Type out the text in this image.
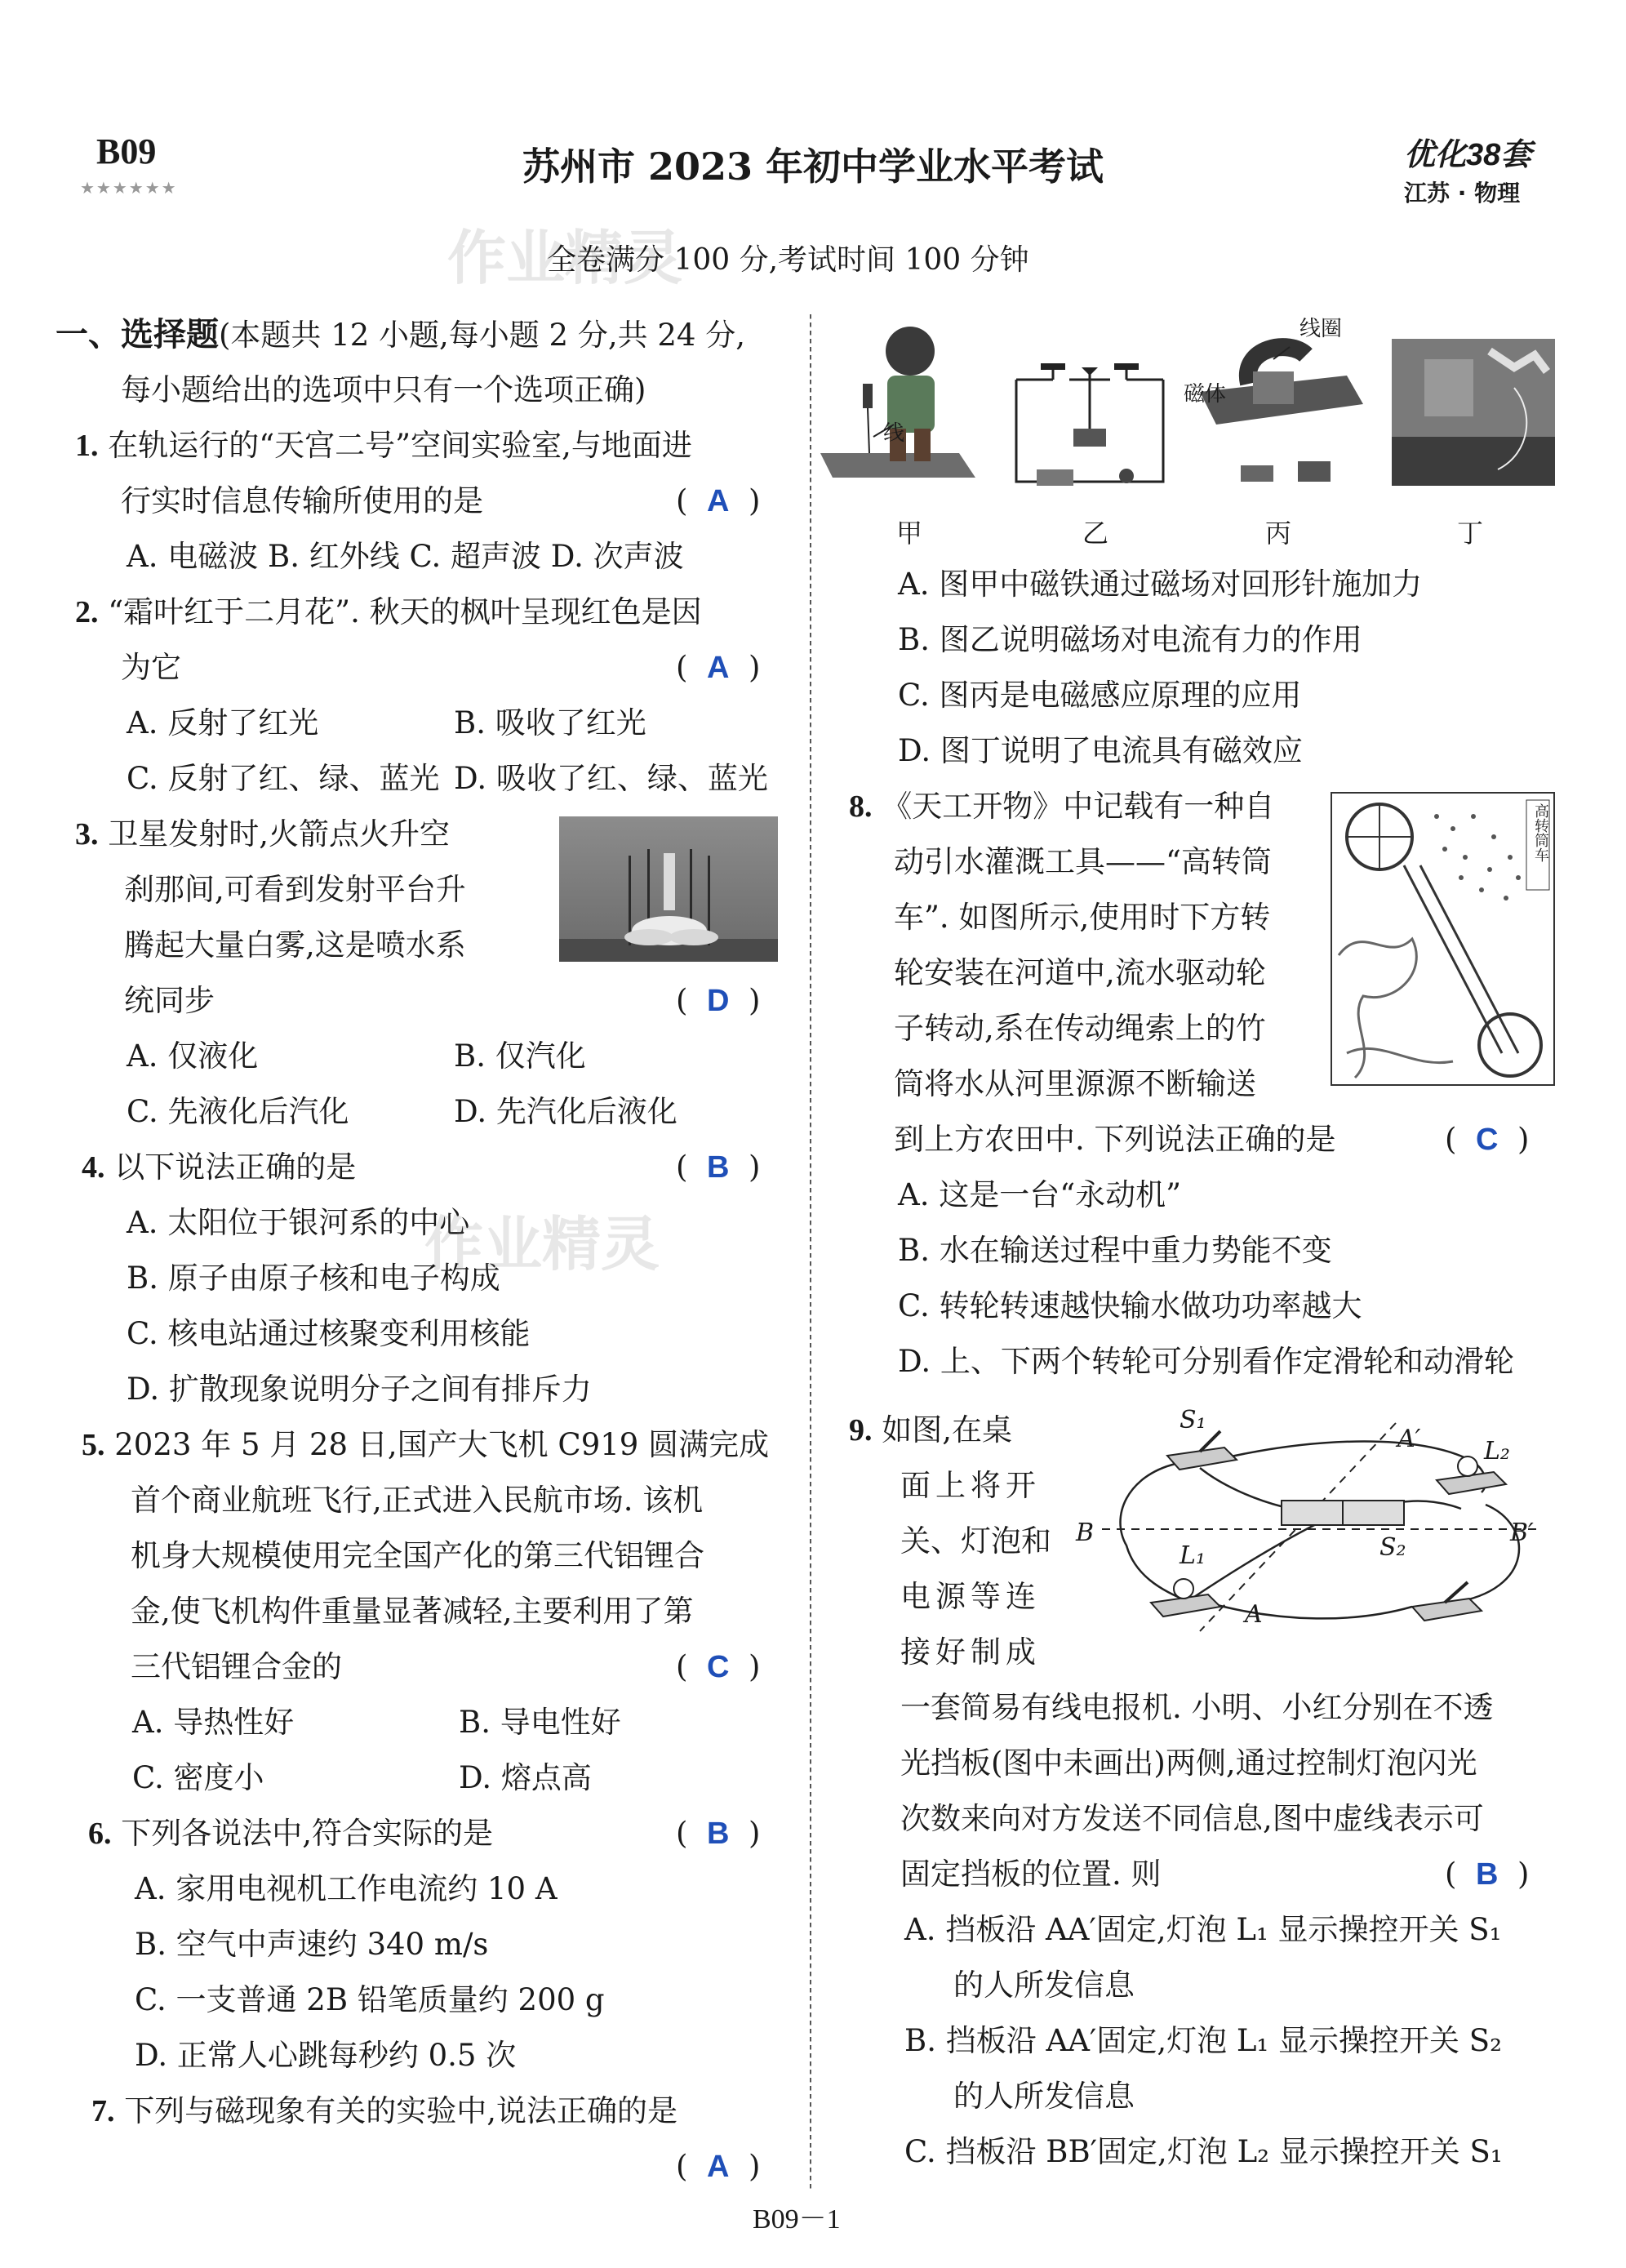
B09
★★★★★★	苏州市 2023 年初中学业水平考试	优化38套
江苏 · 物理
作业精灵
全卷满分 100 分,考试时间 100 分钟
一、选择题(本题共 12 小题,每小题 2 分,共 24 分,
每小题给出的选项中只有一个选项正确)
1. 在轨运行的“天宫二号”空间实验室,与地面进
行实时信息传输所使用的是	(  A  )
A. 电磁波 B. 红外线 C. 超声波 D. 次声波
2. “霜叶红于二月花”. 秋天的枫叶呈现红色是因
为它	(  A  )
A. 反射了红光	B. 吸收了红光
C. 反射了红、绿、蓝光 D. 吸收了红、绿、蓝光
3. 卫星发射时,火箭点火升空
刹那间,可看到发射平台升
腾起大量白雾,这是喷水系
统同步	(  D  )
A. 仅液化	B. 仅汽化
C. 先液化后汽化	D. 先汽化后液化
4. 以下说法正确的是	(  B  )
A. 太阳位于银河系的中心
B. 原子由原子核和电子构成
C. 核电站通过核聚变利用核能
D. 扩散现象说明分子之间有排斥力
作业精灵
5. 2023 年 5 月 28 日,国产大飞机 C919 圆满完成
首个商业航班飞行,正式进入民航市场. 该机
机身大规模使用完全国产化的第三代铝锂合
金,使飞机构件重量显著减轻,主要利用了第
三代铝锂合金的	(  C  )
A. 导热性好	B. 导电性好
C. 密度小	D. 熔点高
6. 下列各说法中,符合实际的是	(  B  )
A. 家用电视机工作电流约 10 A
B. 空气中声速约 340 m/s
C. 一支普通 2B 铅笔质量约 200 g
D. 正常人心跳每秒约 0.5 次
7. 下列与磁现象有关的实验中,说法正确的是
(  A  )
线
线圈
磁体
甲	乙	丙	丁
A. 图甲中磁铁通过磁场对回形针施加力
B. 图乙说明磁场对电流有力的作用
C. 图丙是电磁感应原理的应用
D. 图丁说明了电流具有磁效应
8. 《天工开物》中记载有一种自
动引水灌溉工具——“高转筒
车”. 如图所示,使用时下方转
轮安装在河道中,流水驱动轮
子转动,系在传动绳索上的竹
筒将水从河里源源不断输送
到上方农田中. 下列说法正确的是	(  C  )
高转筒车
A. 这是一台“永动机”
B. 水在输送过程中重力势能不变
C. 转轮转速越快输水做功功率越大
D. 上、下两个转轮可分别看作定滑轮和动滑轮
9. 如图,在桌
面上将开
关、灯泡和
电源等连
接好制成
S₁
A′	L₂
B	B′
L₁	S₂
A
一套简易有线电报机. 小明、小红分别在不透
光挡板(图中未画出)两侧,通过控制灯泡闪光
次数来向对方发送不同信息,图中虚线表示可
固定挡板的位置. 则	(  B  )
A. 挡板沿 AA′固定,灯泡 L₁ 显示操控开关 S₁
的人所发信息
B. 挡板沿 AA′固定,灯泡 L₁ 显示操控开关 S₂
的人所发信息
C. 挡板沿 BB′固定,灯泡 L₂ 显示操控开关 S₁
B09－1
